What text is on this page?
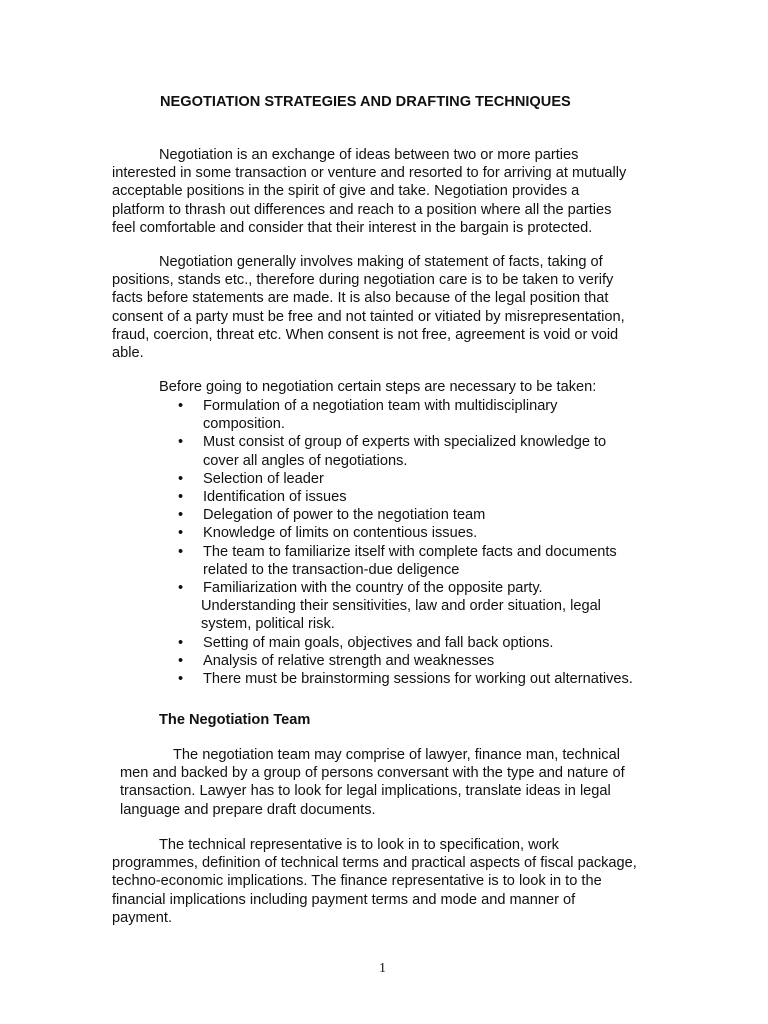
NEGOTIATION STRATEGIES AND DRAFTING TECHNIQUES

Negotiation is an exchange of ideas between two or more parties
interested in some transaction or venture and resorted to for arriving at mutually
acceptable positions in the spirit of give and take. Negotiation provides a
platform to thrash out differences and reach to a position where all the parties
feel comfortable and consider that their interest in the bargain is protected.

Negotiation generally involves making of statement of facts, taking of
positions, stands etc., therefore during negotiation care is to be taken to verify
facts before statements are made. It is also because of the legal position that
consent of a party must be free and not tainted or vitiated by misrepresentation,
fraud, coercion, threat etc. When consent is not free, agreement is void or void
able.

Before going to negotiation certain steps are necessary to be taken:
• Formulation of a negotiation team with multidisciplinary
composition.
• Must consist of group of experts with specialized knowledge to
cover all angles of negotiations.
• Selection of leader
• Identification of issues
• Delegation of power to the negotiation team
• Knowledge of limits on contentious issues.
• The team to familiarize itself with complete facts and documents
related to the transaction-due deligence
• Familiarization with the country of the opposite party.
Understanding their sensitivities, law and order situation, legal
system, political risk.
• Setting of main goals, objectives and fall back options.
• Analysis of relative strength and weaknesses
• There must be brainstorming sessions for working out alternatives.
The Negotiation Team

The negotiation team may comprise of lawyer, finance man, technical
men and backed by a group of persons conversant with the type and nature of
transaction. Lawyer has to look for legal implications, translate ideas in legal
language and prepare draft documents.

The technical representative is to look in to specification, work
programmes, definition of technical terms and practical aspects of fiscal package,
techno-economic implications. The finance representative is to look in to the
financial implications including payment terms and mode and manner of
payment.

1
